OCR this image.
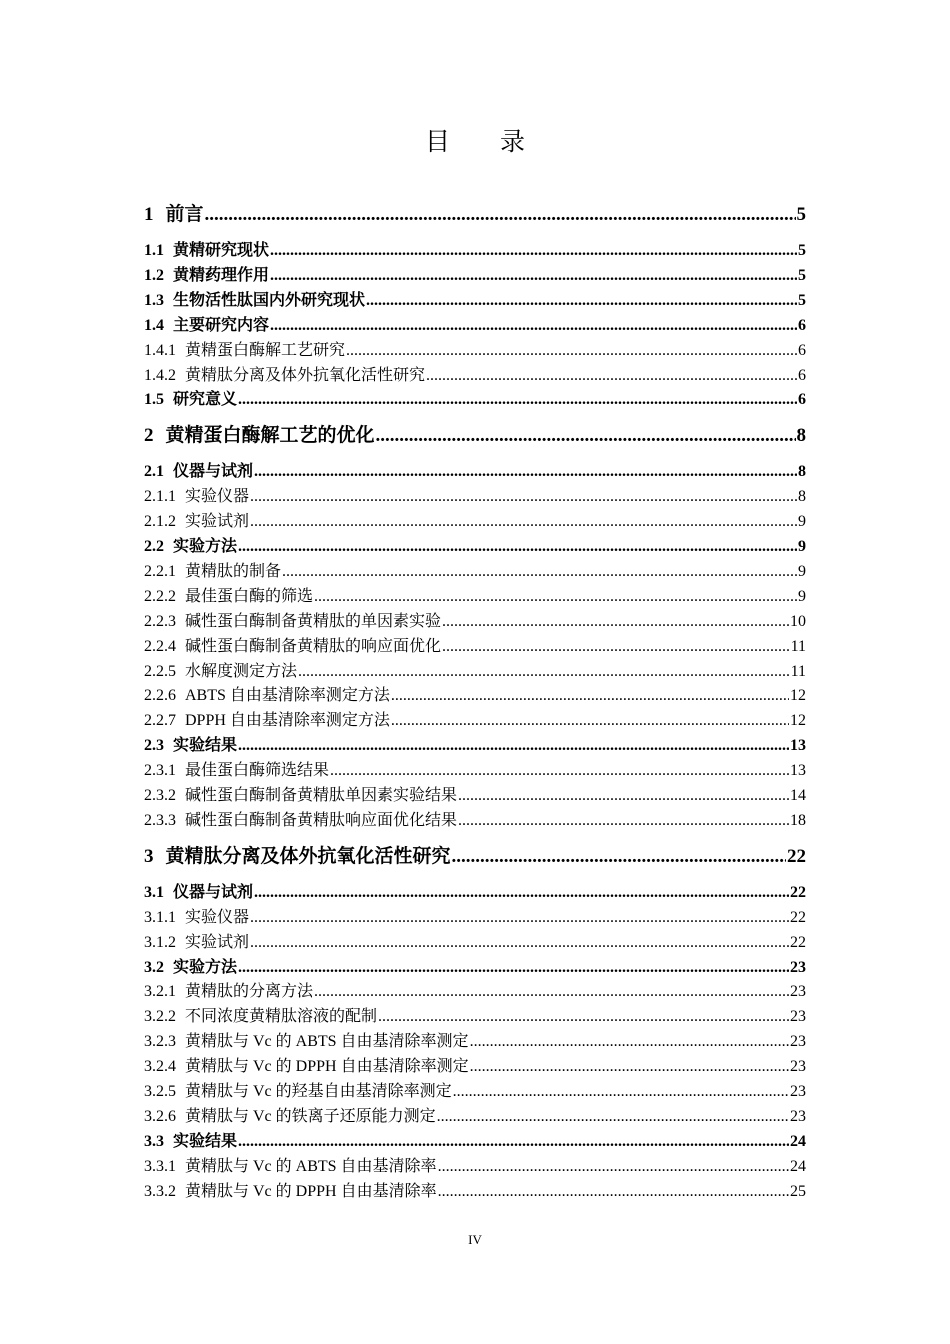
目 录
1 前言 .....	5
1.1 黄精研究现状 .....	5
1.2 黄精药理作用 .....	5
1.3 生物活性肽国内外研究现状 .....	5
1.4 主要研究内容 .....	6
1.4.1 黄精蛋白酶解工艺研究 .....	6
1.4.2 黄精肽分离及体外抗氧化活性研究 .....	6
1.5 研究意义 .....	6
2 黄精蛋白酶解工艺的优化 .....	8
2.1 仪器与试剂 .....	8
2.1.1 实验仪器 .....	8
2.1.2 实验试剂 .....	9
2.2 实验方法 .....	9
2.2.1 黄精肽的制备 .....	9
2.2.2 最佳蛋白酶的筛选 .....	9
2.2.3 碱性蛋白酶制备黄精肽的单因素实验 .....	10
2.2.4 碱性蛋白酶制备黄精肽的响应面优化 .....	11
2.2.5 水解度测定方法 .....	11
2.2.6 ABTS 自由基清除率测定方法 .....	12
2.2.7 DPPH 自由基清除率测定方法 .....	12
2.3 实验结果 .....	13
2.3.1 最佳蛋白酶筛选结果 .....	13
2.3.2 碱性蛋白酶制备黄精肽单因素实验结果 .....	14
2.3.3 碱性蛋白酶制备黄精肽响应面优化结果 .....	18
3 黄精肽分离及体外抗氧化活性研究 .....	22
3.1 仪器与试剂 .....	22
3.1.1 实验仪器 .....	22
3.1.2 实验试剂 .....	22
3.2 实验方法 .....	23
3.2.1 黄精肽的分离方法 .....	23
3.2.2 不同浓度黄精肽溶液的配制 .....	23
3.2.3 黄精肽与 Vc 的 ABTS 自由基清除率测定 .....	23
3.2.4 黄精肽与 Vc 的 DPPH 自由基清除率测定 .....	23
3.2.5 黄精肽与 Vc 的羟基自由基清除率测定 .....	23
3.2.6 黄精肽与 Vc 的铁离子还原能力测定 .....	23
3.3 实验结果 .....	24
3.3.1 黄精肽与 Vc 的 ABTS 自由基清除率 .....	24
3.3.2 黄精肽与 Vc 的 DPPH 自由基清除率 .....	25
IV
